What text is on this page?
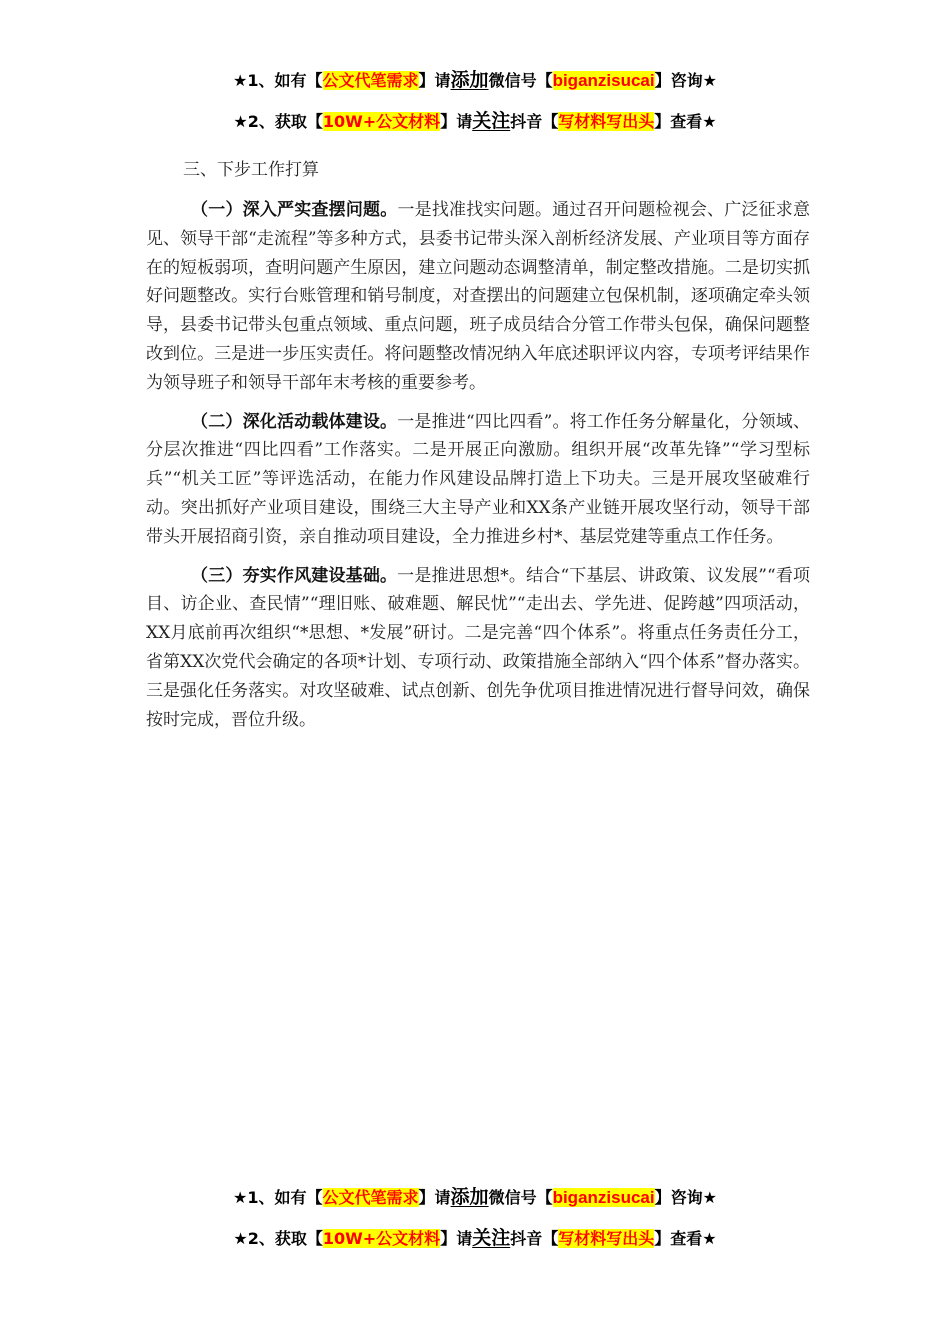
★1、如有【公文代笔需求】请添加微信号【biganzisucai】咨询★
★2、获取【10W+公文材料】请关注抖音【写材料写出头】查看★
三、下步工作打算

（一）深入严实查摆问题。一是找准找实问题。通过召开问题检视会、广泛征求意见、领导干部“走流程”等多种方式，县委书记带头深入剖析经济发展、产业项目等方面存在的短板弱项，查明问题产生原因，建立问题动态调整清单，制定整改措施。二是切实抓好问题整改。实行台账管理和销号制度，对查摆出的问题建立包保机制，逐项确定牵头领导，县委书记带头包重点领域、重点问题，班子成员结合分管工作带头包保，确保问题整改到位。三是进一步压实责任。将问题整改情况纳入年底述职评议内容，专项考评结果作为领导班子和领导干部年末考核的重要参考。

（二）深化活动载体建设。一是推进“四比四看”。将工作任务分解量化，分领域、分层次推进“四比四看”工作落实。二是开展正向激励。组织开展“改革先锋”“学习型标兵”“机关工匠”等评选活动，在能力作风建设品牌打造上下功夫。三是开展攻坚破难行动。突出抓好产业项目建设，围绕三大主导产业和XX条产业链开展攻坚行动，领导干部带头开展招商引资，亲自推动项目建设，全力推进乡村*、基层党建等重点工作任务。

（三）夯实作风建设基础。一是推进思想*。结合“下基层、讲政策、议发展”“看项目、访企业、查民情”“理旧账、破难题、解民忧”“走出去、学先进、促跨越”四项活动，XX月底前再次组织“*思想、*发展”研讨。二是完善“四个体系”。将重点任务责任分工，省第XX次党代会确定的各项*计划、专项行动、政策措施全部纳入“四个体系”督办落实。三是强化任务落实。对攻坚破难、试点创新、创先争优项目推进情况进行督导问效，确保按时完成，晋位升级。

★1、如有【公文代笔需求】请添加微信号【biganzisucai】咨询★
★2、获取【10W+公文材料】请关注抖音【写材料写出头】查看★
